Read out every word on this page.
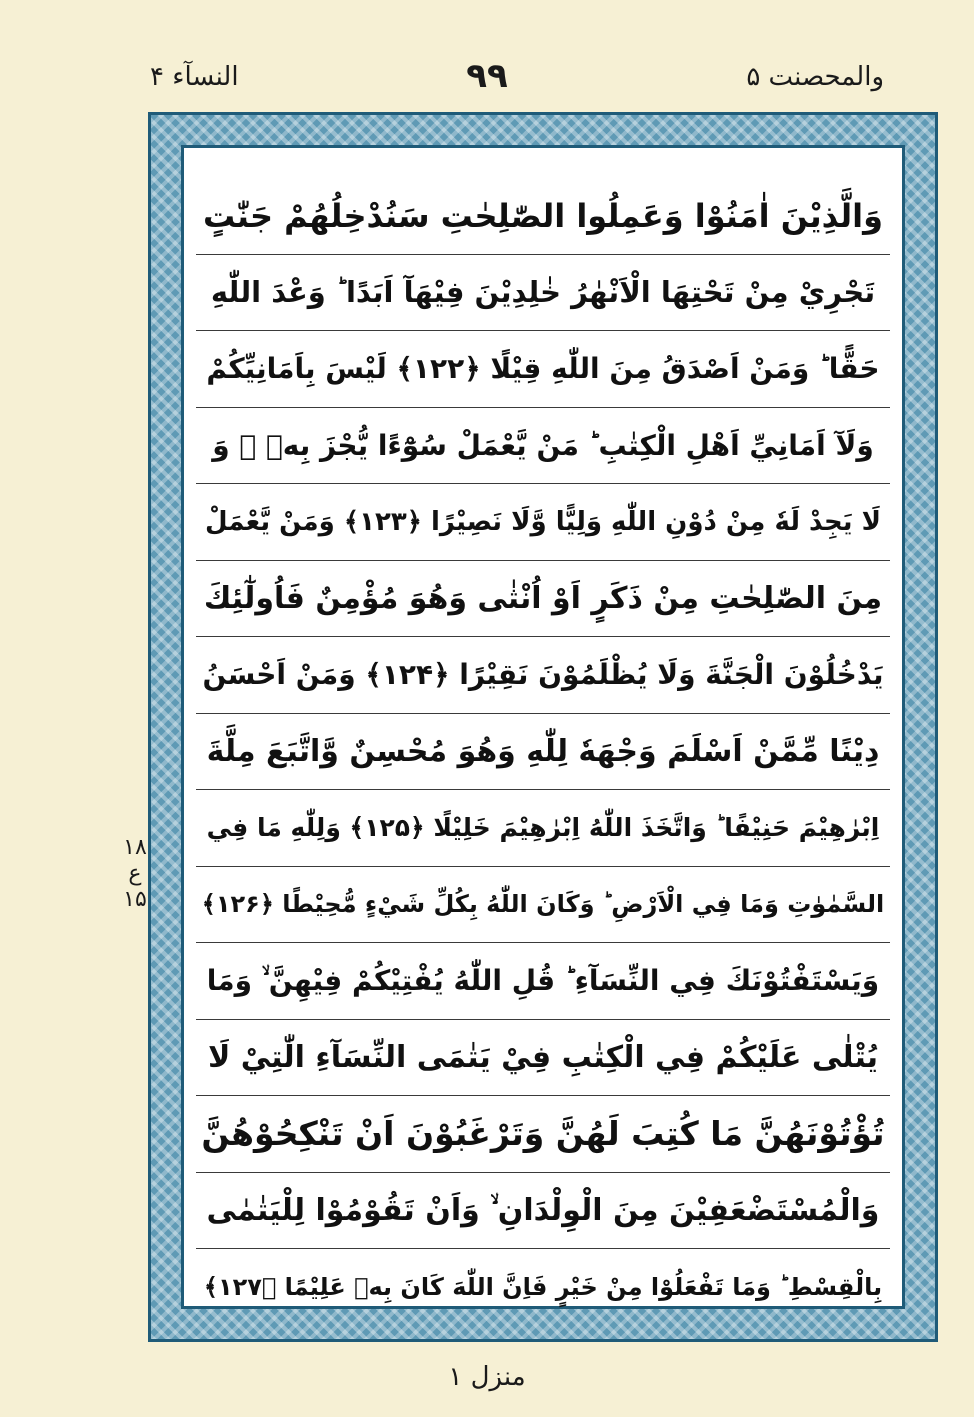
والمحصنت ۵
٩٩
النسآء ۴
۱۸
ع
۱۵
وَالَّذِيْنَ اٰمَنُوْا وَعَمِلُوا الصّٰلِحٰتِ سَنُدْخِلُهُمْ جَنّٰتٍ
تَجْرِيْ مِنْ تَحْتِهَا الْاَنْهٰرُ خٰلِدِيْنَ فِيْهَآ اَبَدًا ؕ وَعْدَ اللّٰهِ
حَقًّا ؕ وَمَنْ اَصْدَقُ مِنَ اللّٰهِ قِيْلًا ﴿۱۲۲﴾ لَيْسَ بِاَمَانِيِّكُمْ
وَلَآ اَمَانِيِّ اَهْلِ الْكِتٰبِ ؕ مَنْ يَّعْمَلْ سُوْٓءًا يُّجْزَ بِهٖ ۙ وَ
لَا يَجِدْ لَهٗ مِنْ دُوْنِ اللّٰهِ وَلِيًّا وَّلَا نَصِيْرًا ﴿۱۲۳﴾ وَمَنْ يَّعْمَلْ
مِنَ الصّٰلِحٰتِ مِنْ ذَكَرٍ اَوْ اُنْثٰى وَهُوَ مُؤْمِنٌ فَاُولٰٓئِكَ
يَدْخُلُوْنَ الْجَنَّةَ وَلَا يُظْلَمُوْنَ نَقِيْرًا ﴿۱۲۴﴾ وَمَنْ اَحْسَنُ
دِيْنًا مِّمَّنْ اَسْلَمَ وَجْهَهٗ لِلّٰهِ وَهُوَ مُحْسِنٌ وَّاتَّبَعَ مِلَّةَ
اِبْرٰهِيْمَ حَنِيْفًا ؕ وَاتَّخَذَ اللّٰهُ اِبْرٰهِيْمَ خَلِيْلًا ﴿۱۲۵﴾ وَلِلّٰهِ مَا فِي
السَّمٰوٰتِ وَمَا فِي الْاَرْضِ ؕ وَكَانَ اللّٰهُ بِكُلِّ شَيْءٍ مُّحِيْطًا ﴿۱۲۶﴾
وَيَسْتَفْتُوْنَكَ فِي النِّسَآءِ ؕ قُلِ اللّٰهُ يُفْتِيْكُمْ فِيْهِنَّ ۙ وَمَا
يُتْلٰى عَلَيْكُمْ فِي الْكِتٰبِ فِيْ يَتٰمَى النِّسَآءِ الّٰتِيْ لَا
تُؤْتُوْنَهُنَّ مَا كُتِبَ لَهُنَّ وَتَرْغَبُوْنَ اَنْ تَنْكِحُوْهُنَّ
وَالْمُسْتَضْعَفِيْنَ مِنَ الْوِلْدَانِ ۙ وَاَنْ تَقُوْمُوْا لِلْيَتٰمٰى
بِالْقِسْطِ ؕ وَمَا تَفْعَلُوْا مِنْ خَيْرٍ فَاِنَّ اللّٰهَ كَانَ بِهٖ عَلِيْمًا ﴿۱۲۷﴾
منزل ١
